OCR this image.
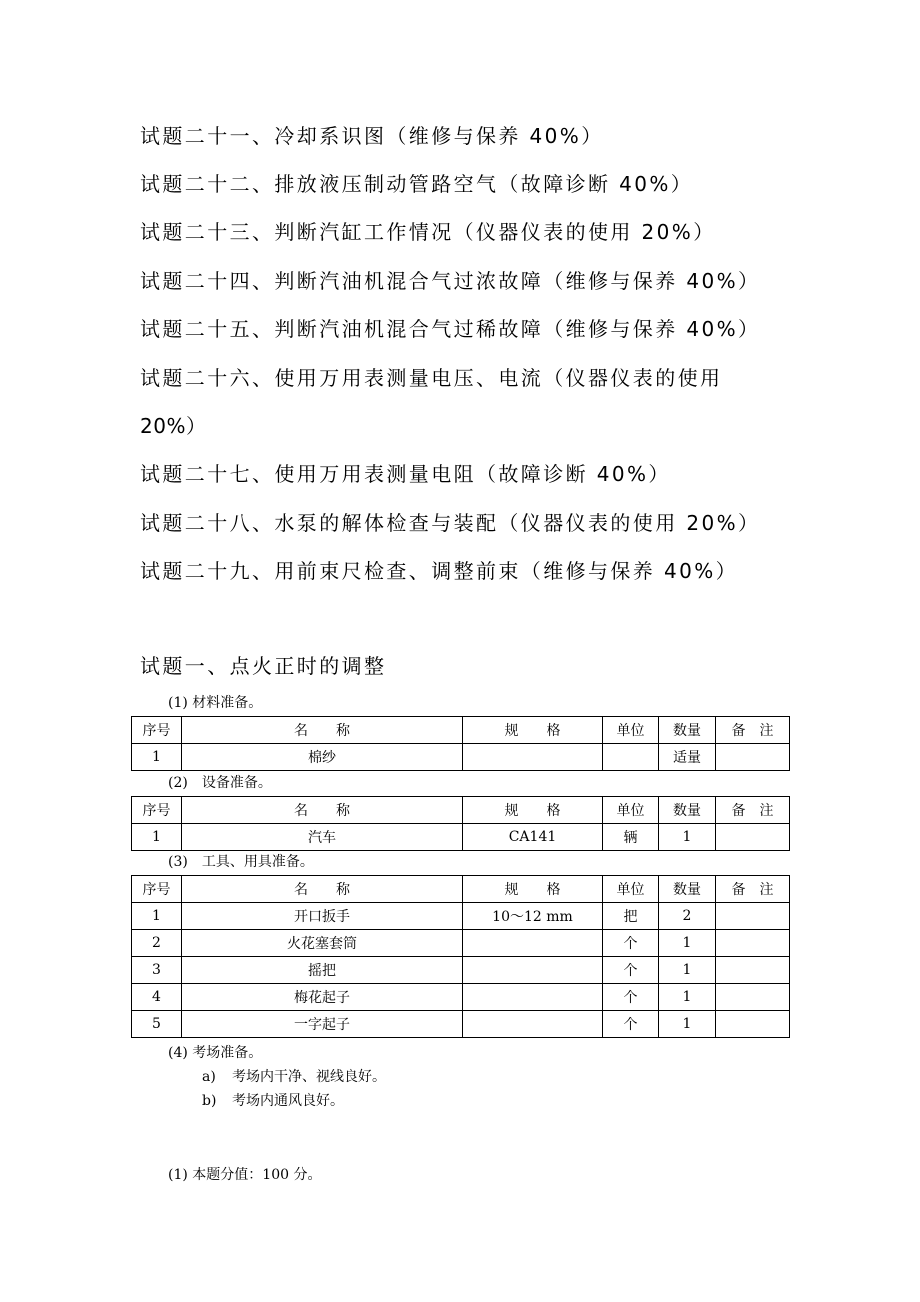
试题二十一、冷却系识图（维修与保养 40%）
试题二十二、排放液压制动管路空气（故障诊断 40%）
试题二十三、判断汽缸工作情况（仪器仪表的使用 20%）
试题二十四、判断汽油机混合气过浓故障（维修与保养 40%）
试题二十五、判断汽油机混合气过稀故障（维修与保养 40%）
试题二十六、使用万用表测量电压、电流（仪器仪表的使用
20%）
试题二十七、使用万用表测量电阻（故障诊断 40%）
试题二十八、水泵的解体检查与装配（仪器仪表的使用 20%）
试题二十九、用前束尺检查、调整前束（维修与保养 40%）
试题一、点火正时的调整
(1) 材料准备。
序号	名　　称	规　　格	单位	数量	备　注
1	棉纱			适量	
(2)　设备准备。
序号	名　　称	规　　格	单位	数量	备　注
1	汽车	CA141	辆	1	
(3)　工具、用具准备。
序号	名　　称	规　　格	单位	数量	备　注
1	开口扳手	10～12 mm	把	2	
2	火花塞套筒		个	1	
3	摇把		个	1	
4	梅花起子		个	1	
5	一字起子		个	1	
(4) 考场准备。
a) 考场内干净、视线良好。
b) 考场内通风良好。
(1) 本题分值：100 分。
